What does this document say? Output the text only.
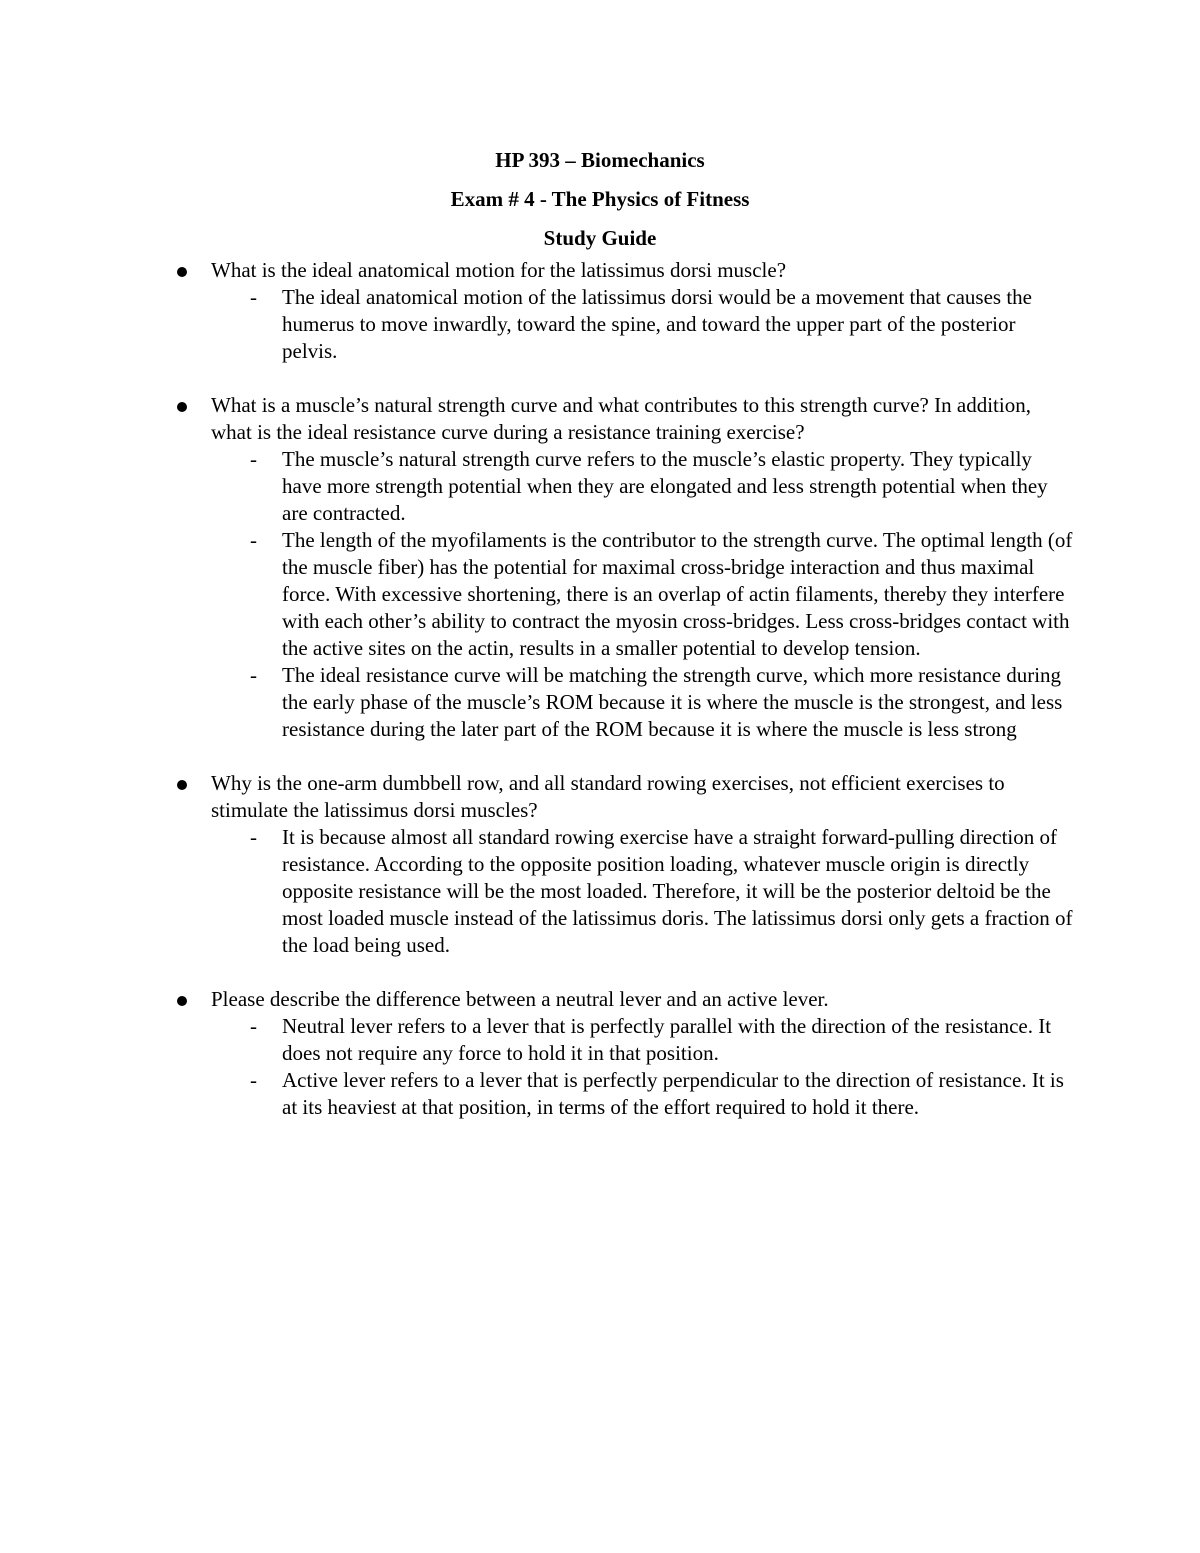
HP 393 – Biomechanics

Exam # 4 - The Physics of Fitness

Study Guide

What is the ideal anatomical motion for the latissimus dorsi muscle?
- The ideal anatomical motion of the latissimus dorsi would be a movement that causes the humerus to move inwardly, toward the spine, and toward the upper part of the posterior pelvis.
What is a muscle’s natural strength curve and what contributes to this strength curve? In addition, what is the ideal resistance curve during a resistance training exercise?
- The muscle’s natural strength curve refers to the muscle’s elastic property. They typically have more strength potential when they are elongated and less strength potential when they are contracted.
- The length of the myofilaments is the contributor to the strength curve. The optimal length (of the muscle fiber) has the potential for maximal cross-bridge interaction and thus maximal force. With excessive shortening, there is an overlap of actin filaments, thereby they interfere with each other’s ability to contract the myosin cross-bridges. Less cross-bridges contact with the active sites on the actin, results in a smaller potential to develop tension.
- The ideal resistance curve will be matching the strength curve, which more resistance during the early phase of the muscle’s ROM because it is where the muscle is the strongest, and less resistance during the later part of the ROM because it is where the muscle is less strong
Why is the one-arm dumbbell row, and all standard rowing exercises, not efficient exercises to stimulate the latissimus dorsi muscles?
- It is because almost all standard rowing exercise have a straight forward-pulling direction of resistance. According to the opposite position loading, whatever muscle origin is directly opposite resistance will be the most loaded. Therefore, it will be the posterior deltoid be the most loaded muscle instead of the latissimus doris. The latissimus dorsi only gets a fraction of the load being used.
Please describe the difference between a neutral lever and an active lever.
- Neutral lever refers to a lever that is perfectly parallel with the direction of the resistance. It does not require any force to hold it in that position.
- Active lever refers to a lever that is perfectly perpendicular to the direction of resistance. It is at its heaviest at that position, in terms of the effort required to hold it there.
